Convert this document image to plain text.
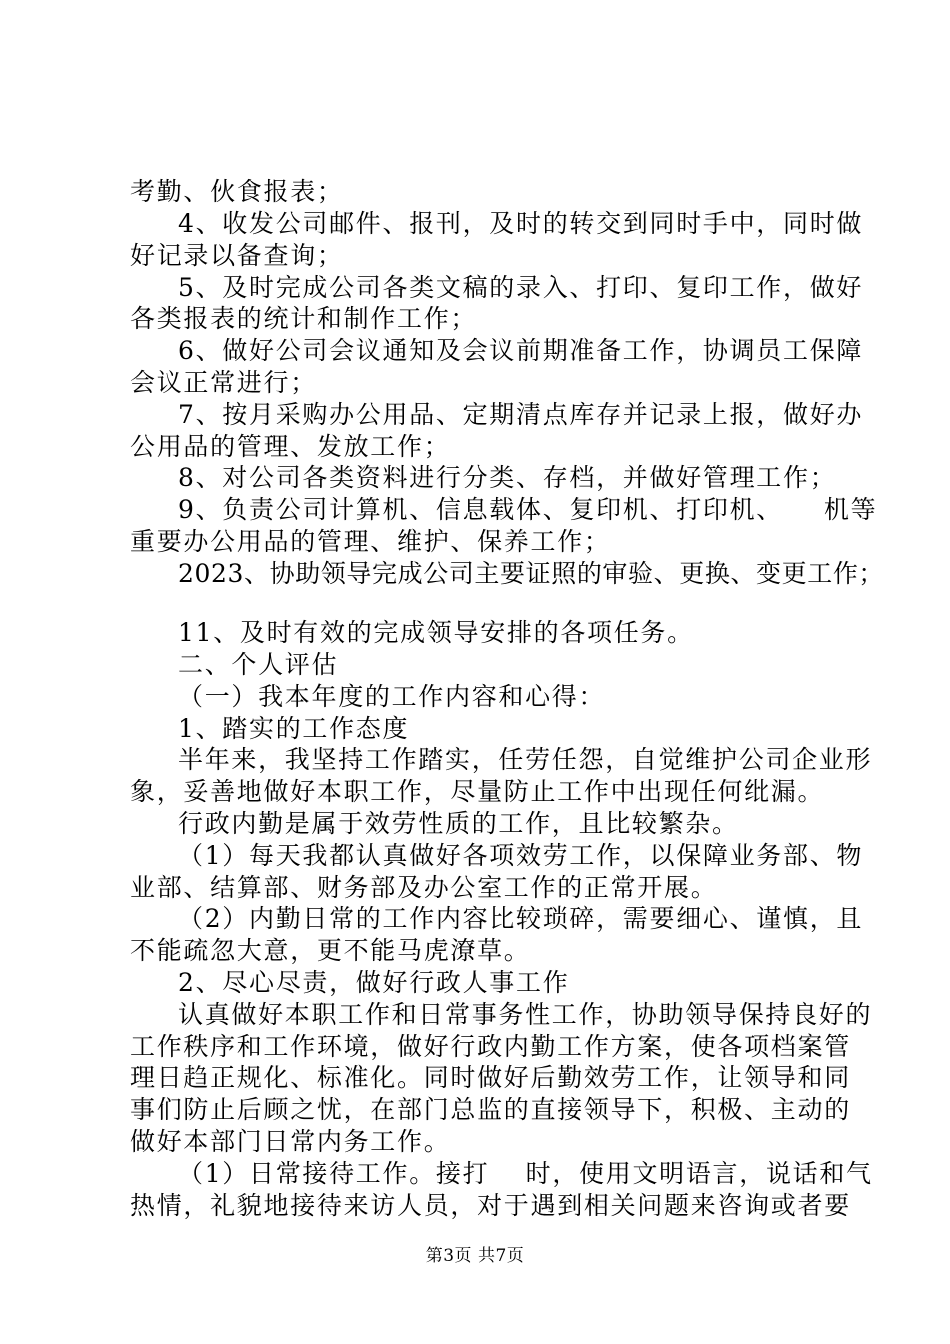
考勤、伙食报表；
4、收发公司邮件、报刊，及时的转交到同时手中，同时做
好记录以备查询；
5、及时完成公司各类文稿的录入、打印、复印工作，做好
各类报表的统计和制作工作；
6、做好公司会议通知及会议前期准备工作，协调员工保障
会议正常进行；
7、按月采购办公用品、定期清点库存并记录上报，做好办
公用品的管理、发放工作；
8、对公司各类资料进行分类、存档，并做好管理工作；
9、负责公司计算机、信息载体、复印机、打印机、　　机等
重要办公用品的管理、维护、保养工作；
2023、协助领导完成公司主要证照的审验、更换、变更工作；
11、及时有效的完成领导安排的各项任务。
二、个人评估
（一）我本年度的工作内容和心得：
1、踏实的工作态度
半年来，我坚持工作踏实，任劳任怨，自觉维护公司企业形
象，妥善地做好本职工作，尽量防止工作中出现任何纰漏。
行政内勤是属于效劳性质的工作，且比较繁杂。
（1）每天我都认真做好各项效劳工作，以保障业务部、物
业部、结算部、财务部及办公室工作的正常开展。
（2）内勤日常的工作内容比较琐碎，需要细心、谨慎，且
不能疏忽大意，更不能马虎潦草。
2、尽心尽责，做好行政人事工作
认真做好本职工作和日常事务性工作，协助领导保持良好的
工作秩序和工作环境，做好行政内勤工作方案，使各项档案管
理日趋正规化、标准化。同时做好后勤效劳工作，让领导和同
事们防止后顾之忧，在部门总监的直接领导下，积极、主动的
做好本部门日常内务工作。
（1）日常接待工作。接打　 时，使用文明语言，说话和气
热情，礼貌地接待来访人员，对于遇到相关问题来咨询或者要
第3页 共7页
